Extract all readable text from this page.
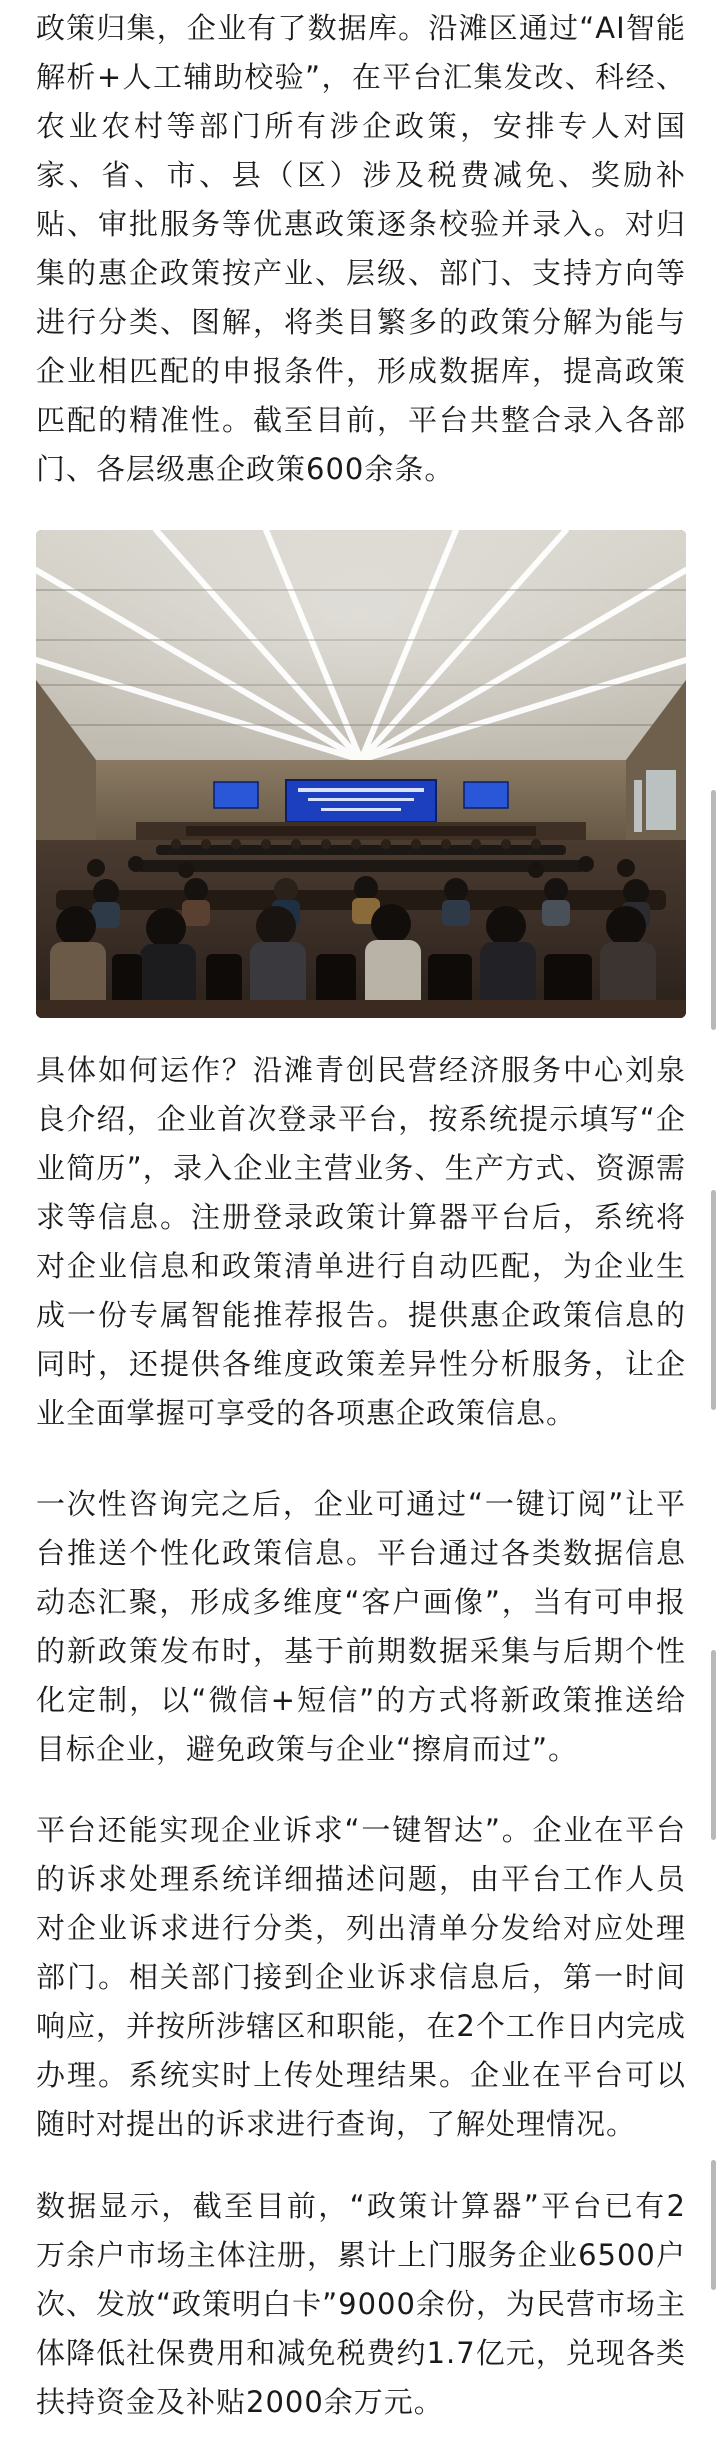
政策归集，企业有了数据库。沿滩区通过“AI智能解析+人工辅助校验”，在平台汇集发改、科经、农业农村等部门所有涉企政策，安排专人对国家、省、市、县（区）涉及税费减免、奖励补贴、审批服务等优惠政策逐条校验并录入。对归集的惠企政策按产业、层级、部门、支持方向等进行分类、图解，将类目繁多的政策分解为能与企业相匹配的申报条件，形成数据库，提高政策匹配的精准性。截至目前，平台共整合录入各部门、各层级惠企政策600余条。

具体如何运作？沿滩青创民营经济服务中心刘泉良介绍，企业首次登录平台，按系统提示填写“企业简历”，录入企业主营业务、生产方式、资源需求等信息。注册登录政策计算器平台后，系统将对企业信息和政策清单进行自动匹配，为企业生成一份专属智能推荐报告。提供惠企政策信息的同时，还提供各维度政策差异性分析服务，让企业全面掌握可享受的各项惠企政策信息。

一次性咨询完之后，企业可通过“一键订阅”让平台推送个性化政策信息。平台通过各类数据信息动态汇聚，形成多维度“客户画像”，当有可申报的新政策发布时，基于前期数据采集与后期个性化定制，以“微信+短信”的方式将新政策推送给目标企业，避免政策与企业“擦肩而过”。

平台还能实现企业诉求“一键智达”。企业在平台的诉求处理系统详细描述问题，由平台工作人员对企业诉求进行分类，列出清单分发给对应处理部门。相关部门接到企业诉求信息后，第一时间响应，并按所涉辖区和职能，在2个工作日内完成办理。系统实时上传处理结果。企业在平台可以随时对提出的诉求进行查询，了解处理情况。

数据显示，截至目前，“政策计算器”平台已有2万余户市场主体注册，累计上门服务企业6500户次、发放“政策明白卡”9000余份，为民营市场主体降低社保费用和减免税费约1.7亿元，兑现各类扶持资金及补贴2000余万元。
